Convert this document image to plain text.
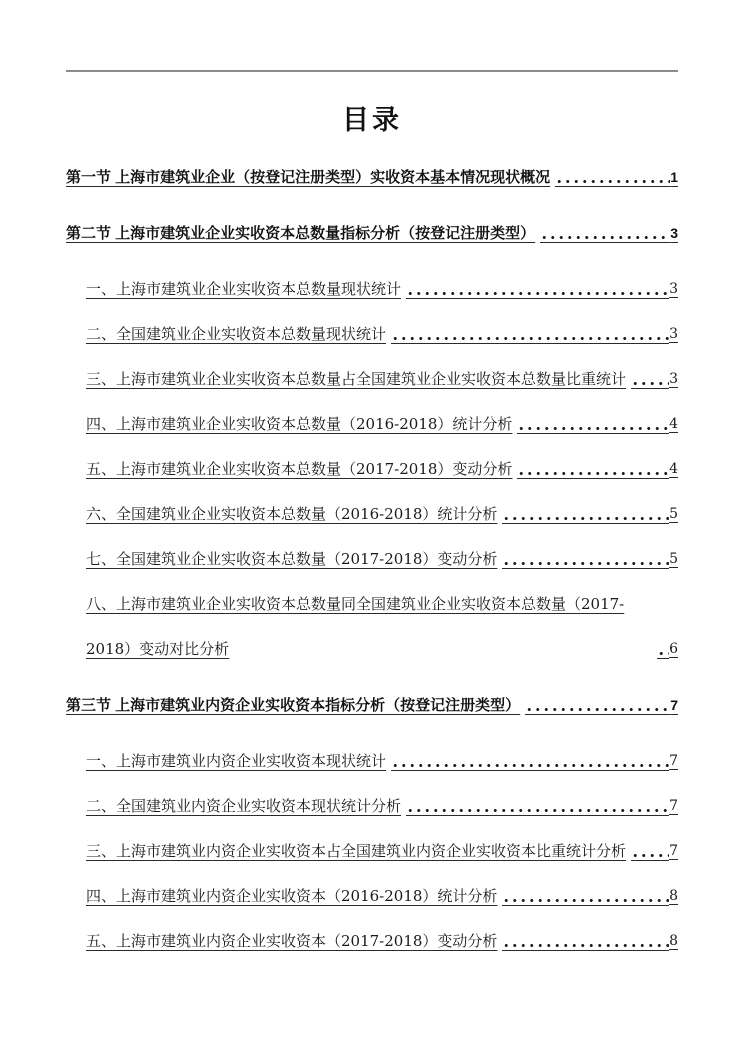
目录
第一节 上海市建筑业企业（按登记注册类型）实收资本基本情况现状概况	1
第二节 上海市建筑业企业实收资本总数量指标分析（按登记注册类型）	3
一、上海市建筑业企业实收资本总数量现状统计	3
二、全国建筑业企业实收资本总数量现状统计	3
三、上海市建筑业企业实收资本总数量占全国建筑业企业实收资本总数量比重统计	3
四、上海市建筑业企业实收资本总数量（2016-2018）统计分析	4
五、上海市建筑业企业实收资本总数量（2017-2018）变动分析	4
六、全国建筑业企业实收资本总数量（2016-2018）统计分析	5
七、全国建筑业企业实收资本总数量（2017-2018）变动分析	5
八、上海市建筑业企业实收资本总数量同全国建筑业企业实收资本总数量（2017-2018）变动对比分析	6
第三节 上海市建筑业内资企业实收资本指标分析（按登记注册类型）	7
一、上海市建筑业内资企业实收资本现状统计	7
二、全国建筑业内资企业实收资本现状统计分析	7
三、上海市建筑业内资企业实收资本占全国建筑业内资企业实收资本比重统计分析	7
四、上海市建筑业内资企业实收资本（2016-2018）统计分析	8
五、上海市建筑业内资企业实收资本（2017-2018）变动分析	8
